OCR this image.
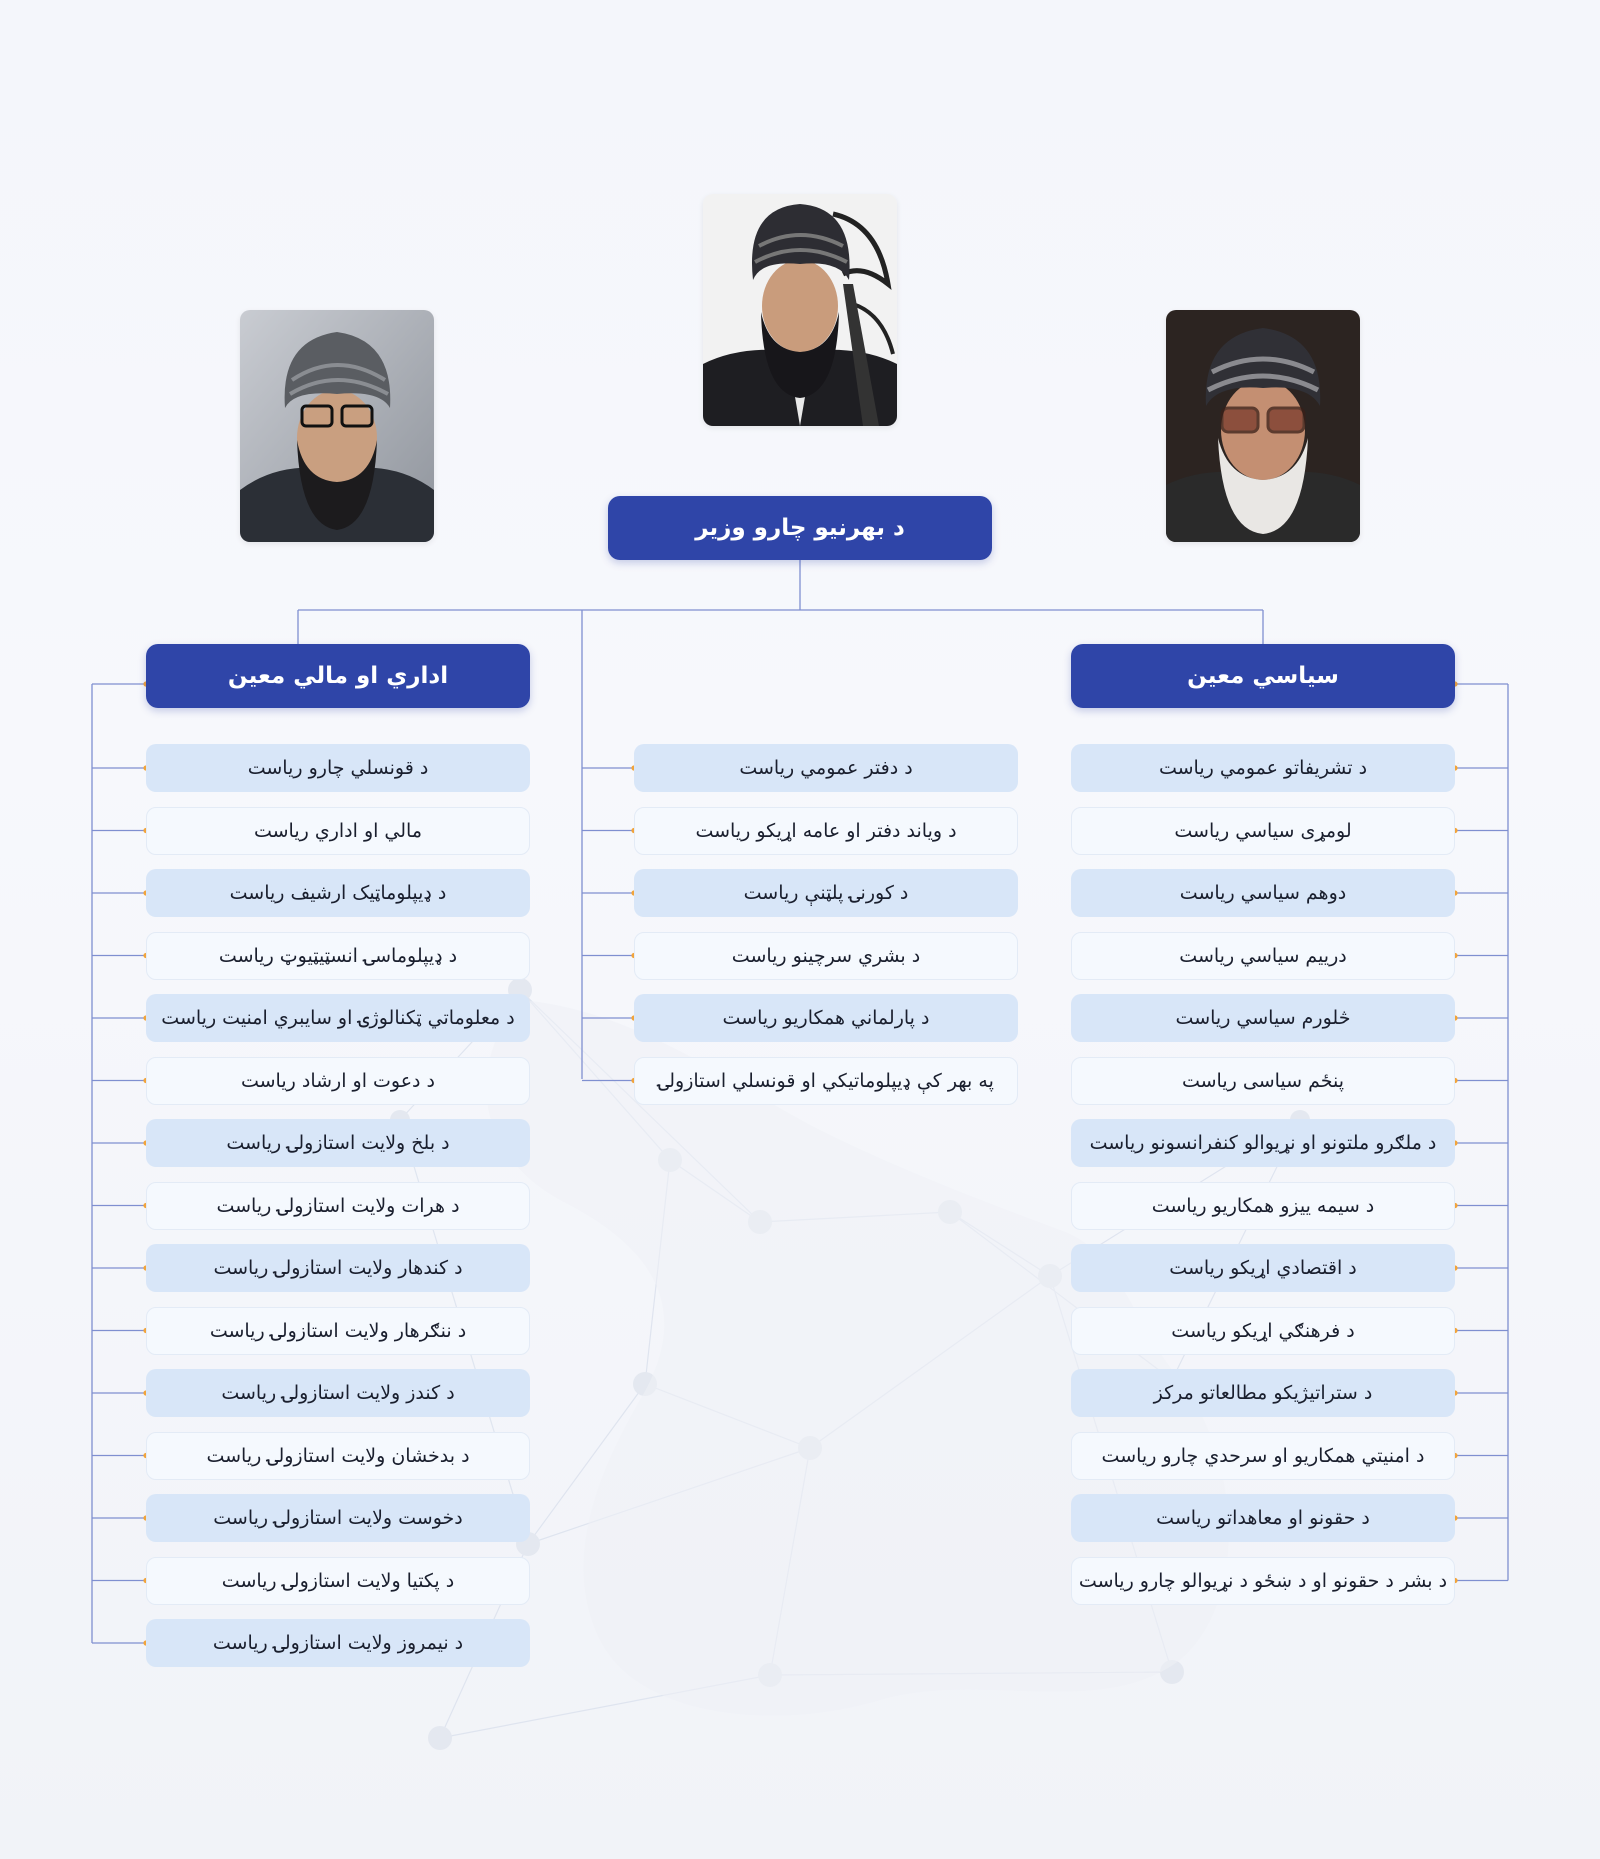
د بهرنیو چارو وزیر
اداري او مالي معین	سياسي معین
د قونسلي چارو رياست
مالي او اداري رياست
د ډیپلوماټیک ارشیف رياست
د ډیپلوماسۍ انسټیټیوټ رياست
د معلوماتي ټکنالوژۍ او سايبري امنيت رياست
د دعوت او ارشاد رياست
د بلخ ولایت استازولۍ رياست
د هرات ولایت استازولۍ رياست
د کندهار ولایت استازولۍ رياست
د ننګرهار ولایت استازولۍ رياست
د کندز ولایت استازولۍ رياست
د بدخشان ولایت استازولۍ رياست
دخوست ولایت استازولۍ رياست
د پکتیا ولایت استازولۍ رياست
د نیمروز ولایت استازولۍ رياست
د دفتر عمومي رياست
د ویاند دفتر او عامه اړیکو رياست
د کورنۍ پلټنې رياست
د بشري سرچینو رياست
د پارلماني همکاريو رياست
په بهر کې ډیپلوماتیکي او قونسلي استازولۍ
د تشريفاتو عمومي رياست
لومړی سياسي رياست
دوهم سياسي رياست
دریيم سياسي رياست
څلورم سياسي رياست
پنځم سياسی رياست
د ملګرو ملتونو او نړیوالو کنفرانسونو رياست
د سیمه ییزو همکاريو رياست
د اقتصادي اړیکو رياست
د فرهنګي اړیکو رياست
د ستراتیژیکو مطالعاتو مرکز
د امنيتي همکاريو او سرحدي چارو رياست
د حقونو او معاهداتو رياست
د بشر د حقونو او د ښځو د نړیوالو چارو رياست
